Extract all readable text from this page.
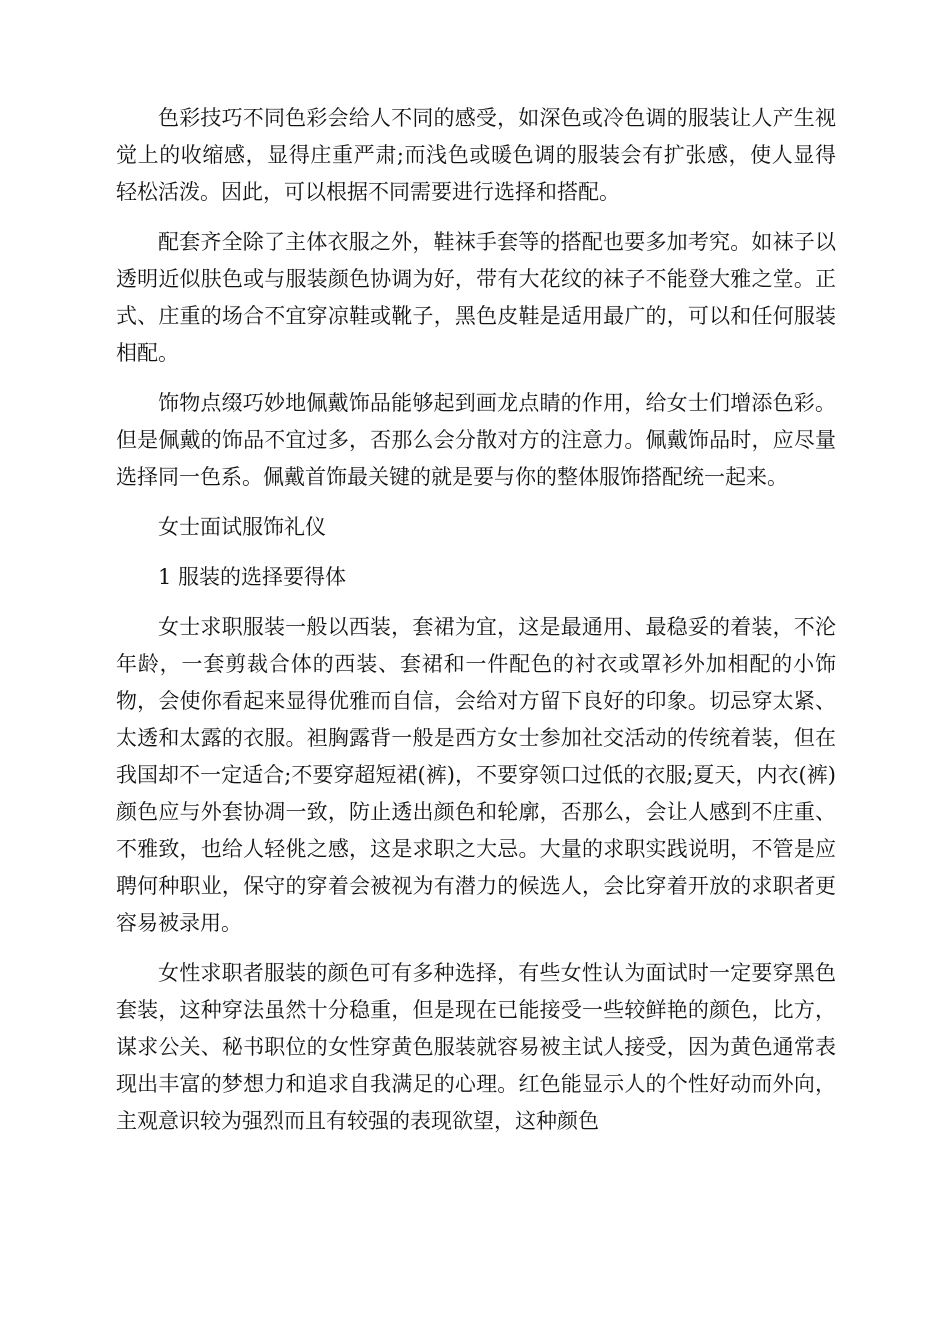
色彩技巧不同色彩会给人不同的感受，如深色或冷色调的服装让人产生视觉上的收缩感，显得庄重严肃;而浅色或暖色调的服装会有扩张感，使人显得轻松活泼。因此，可以根据不同需要进行选择和搭配。

配套齐全除了主体衣服之外，鞋袜手套等的搭配也要多加考究。如袜子以透明近似肤色或与服装颜色协调为好，带有大花纹的袜子不能登大雅之堂。正式、庄重的场合不宜穿凉鞋或靴子，黑色皮鞋是适用最广的，可以和任何服装相配。

饰物点缀巧妙地佩戴饰品能够起到画龙点睛的作用，给女士们增添色彩。但是佩戴的饰品不宜过多，否那么会分散对方的注意力。佩戴饰品时，应尽量选择同一色系。佩戴首饰最关键的就是要与你的整体服饰搭配统一起来。

女士面试服饰礼仪

1 服装的选择要得体

女士求职服装一般以西装，套裙为宜，这是最通用、最稳妥的着装，不沦年龄，一套剪裁合体的西装、套裙和一件配色的衬衣或罩衫外加相配的小饰物，会使你看起来显得优雅而自信，会给对方留下良好的印象。切忌穿太紧、太透和太露的衣服。袒胸露背一般是西方女士参加社交活动的传统着装，但在我国却不一定适合;不要穿超短裙(裤)，不要穿领口过低的衣服;夏天，内衣(裤)颜色应与外套协凋一致，防止透出颜色和轮廓，否那么，会让人感到不庄重、不雅致，也给人轻佻之感，这是求职之大忌。大量的求职实践说明，不管是应聘何种职业，保守的穿着会被视为有潜力的候选人，会比穿着开放的求职者更容易被录用。

女性求职者服装的颜色可有多种选择，有些女性认为面试时一定要穿黑色套装，这种穿法虽然十分稳重，但是现在已能接受一些较鲜艳的颜色，比方，谋求公关、秘书职位的女性穿黄色服装就容易被主试人接受，因为黄色通常表现出丰富的梦想力和追求自我满足的心理。红色能显示人的个性好动而外向，主观意识较为强烈而且有较强的表现欲望，这种颜色
